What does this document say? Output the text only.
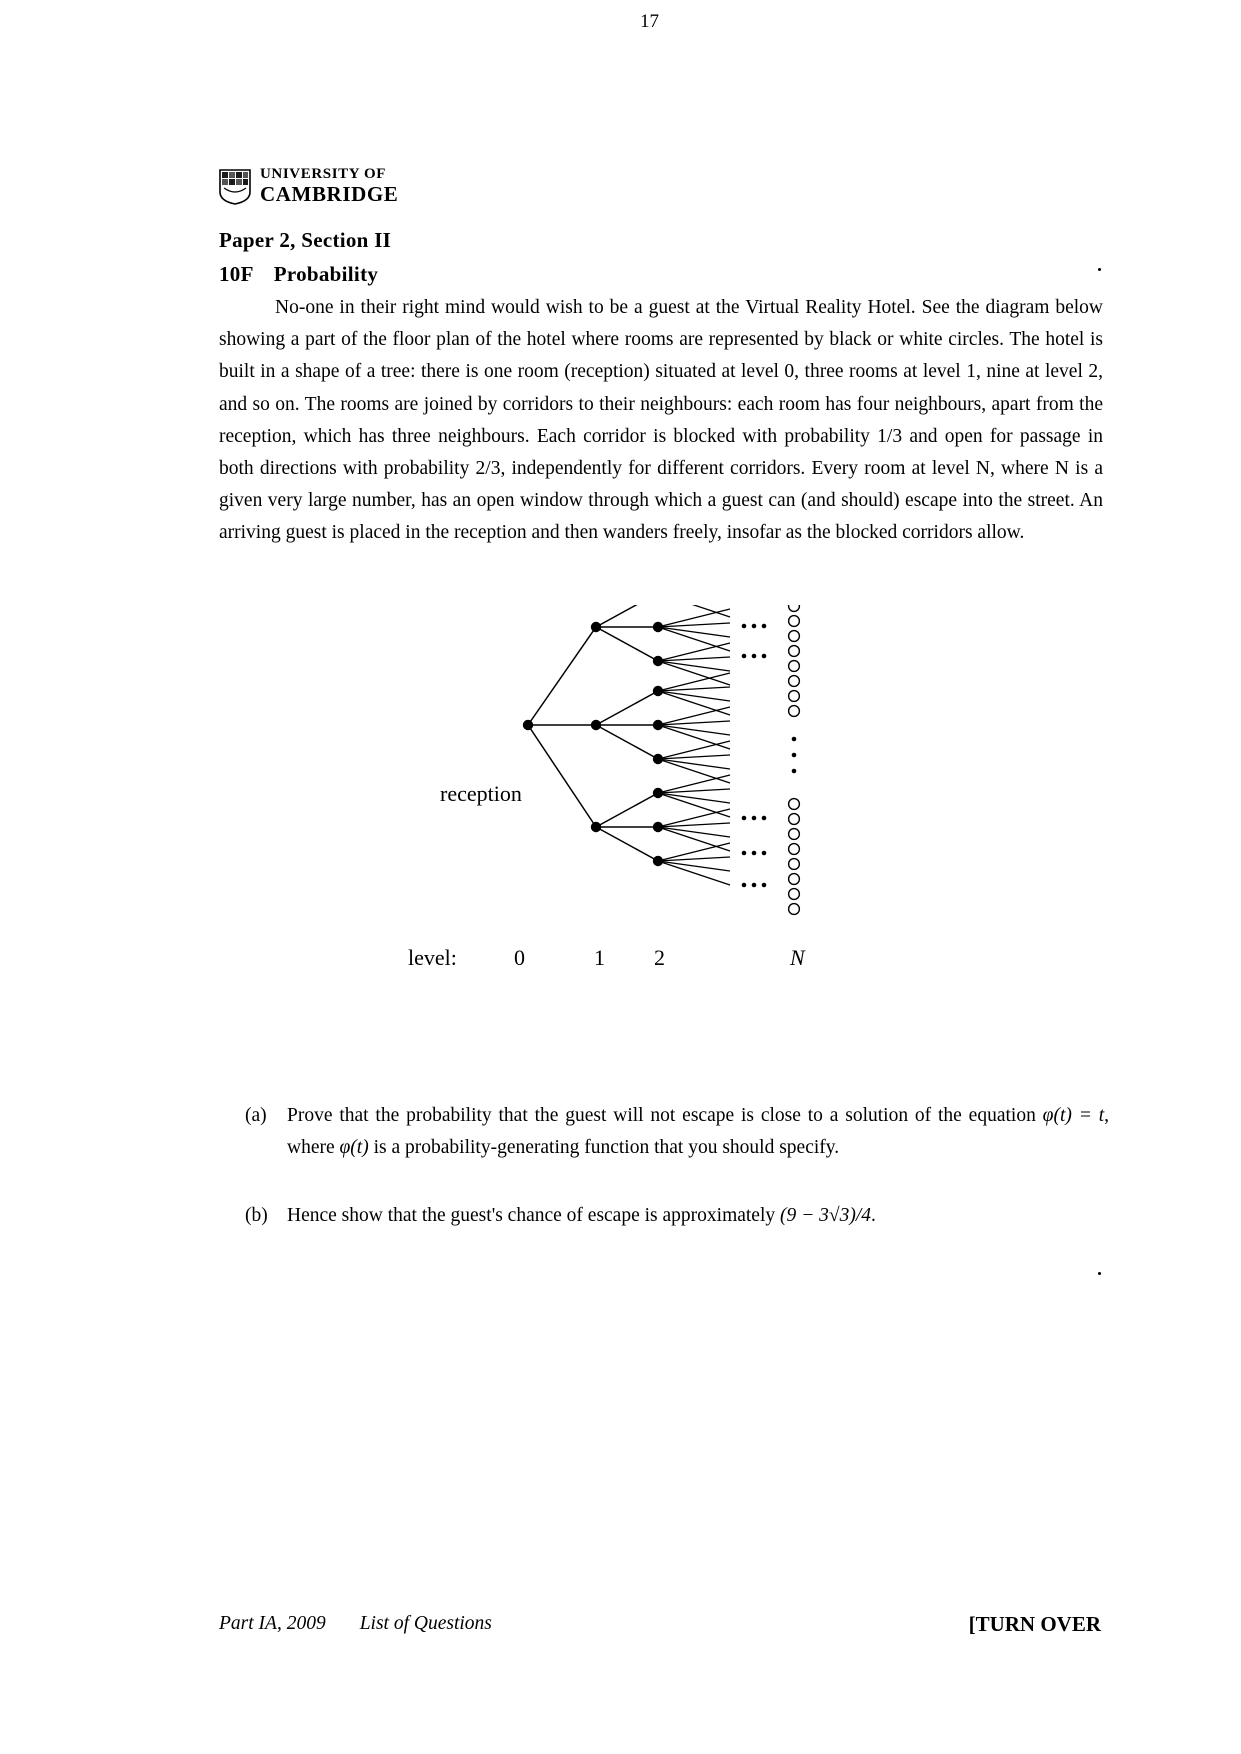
UNIVERSITY OF
CAMBRIDGE
17
Paper 2, Section II
10F Probability
No-one in their right mind would wish to be a guest at the Virtual Reality Hotel. See the diagram below showing a part of the floor plan of the hotel where rooms are represented by black or white circles. The hotel is built in a shape of a tree: there is one room (reception) situated at level 0, three rooms at level 1, nine at level 2, and so on. The rooms are joined by corridors to their neighbours: each room has four neighbours, apart from the reception, which has three neighbours. Each corridor is blocked with probability 1/3 and open for passage in both directions with probability 2/3, independently for different corridors. Every room at level N, where N is a given very large number, has an open window through which a guest can (and should) escape into the street. An arriving guest is placed in the reception and then wanders freely, insofar as the blocked corridors allow.
reception
level:	0	1 2	N
(a)	Prove that the probability that the guest will not escape is close to a solution of the equation φ(t) = t, where φ(t) is a probability-generating function that you should specify.
(b) Hence show that the guest's chance of escape is approximately (9 − 3√3)/4.
Part IA, 2009 List of Questions	[TURN OVER
